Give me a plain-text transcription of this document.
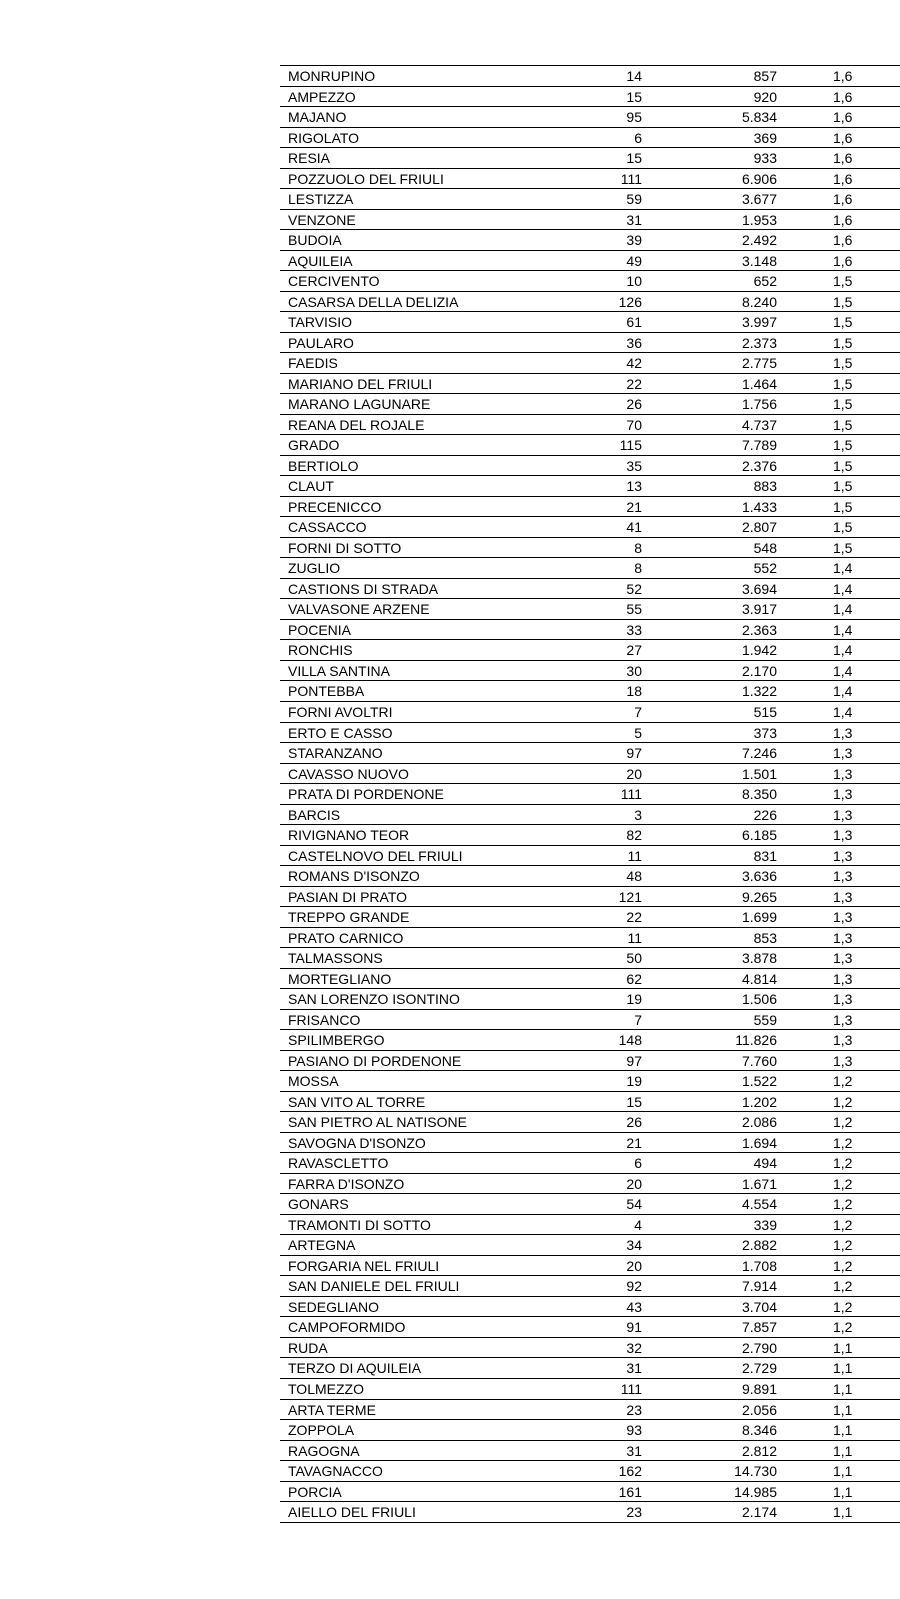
MONRUPINO	14	857	1,6
AMPEZZO	15	920	1,6
MAJANO	95	5.834	1,6
RIGOLATO	6	369	1,6
RESIA	15	933	1,6
POZZUOLO DEL FRIULI	111	6.906	1,6
LESTIZZA	59	3.677	1,6
VENZONE	31	1.953	1,6
BUDOIA	39	2.492	1,6
AQUILEIA	49	3.148	1,6
CERCIVENTO	10	652	1,5
CASARSA DELLA DELIZIA	126	8.240	1,5
TARVISIO	61	3.997	1,5
PAULARO	36	2.373	1,5
FAEDIS	42	2.775	1,5
MARIANO DEL FRIULI	22	1.464	1,5
MARANO LAGUNARE	26	1.756	1,5
REANA DEL ROJALE	70	4.737	1,5
GRADO	115	7.789	1,5
BERTIOLO	35	2.376	1,5
CLAUT	13	883	1,5
PRECENICCO	21	1.433	1,5
CASSACCO	41	2.807	1,5
FORNI DI SOTTO	8	548	1,5
ZUGLIO	8	552	1,4
CASTIONS DI STRADA	52	3.694	1,4
VALVASONE ARZENE	55	3.917	1,4
POCENIA	33	2.363	1,4
RONCHIS	27	1.942	1,4
VILLA SANTINA	30	2.170	1,4
PONTEBBA	18	1.322	1,4
FORNI AVOLTRI	7	515	1,4
ERTO E CASSO	5	373	1,3
STARANZANO	97	7.246	1,3
CAVASSO NUOVO	20	1.501	1,3
PRATA DI PORDENONE	111	8.350	1,3
BARCIS	3	226	1,3
RIVIGNANO TEOR	82	6.185	1,3
CASTELNOVO DEL FRIULI	11	831	1,3
ROMANS D'ISONZO	48	3.636	1,3
PASIAN DI PRATO	121	9.265	1,3
TREPPO GRANDE	22	1.699	1,3
PRATO CARNICO	11	853	1,3
TALMASSONS	50	3.878	1,3
MORTEGLIANO	62	4.814	1,3
SAN LORENZO ISONTINO	19	1.506	1,3
FRISANCO	7	559	1,3
SPILIMBERGO	148	11.826	1,3
PASIANO DI PORDENONE	97	7.760	1,3
MOSSA	19	1.522	1,2
SAN VITO AL TORRE	15	1.202	1,2
SAN PIETRO AL NATISONE	26	2.086	1,2
SAVOGNA D'ISONZO	21	1.694	1,2
RAVASCLETTO	6	494	1,2
FARRA D'ISONZO	20	1.671	1,2
GONARS	54	4.554	1,2
TRAMONTI DI SOTTO	4	339	1,2
ARTEGNA	34	2.882	1,2
FORGARIA NEL FRIULI	20	1.708	1,2
SAN DANIELE DEL FRIULI	92	7.914	1,2
SEDEGLIANO	43	3.704	1,2
CAMPOFORMIDO	91	7.857	1,2
RUDA	32	2.790	1,1
TERZO DI AQUILEIA	31	2.729	1,1
TOLMEZZO	111	9.891	1,1
ARTA TERME	23	2.056	1,1
ZOPPOLA	93	8.346	1,1
RAGOGNA	31	2.812	1,1
TAVAGNACCO	162	14.730	1,1
PORCIA	161	14.985	1,1
AIELLO DEL FRIULI	23	2.174	1,1
